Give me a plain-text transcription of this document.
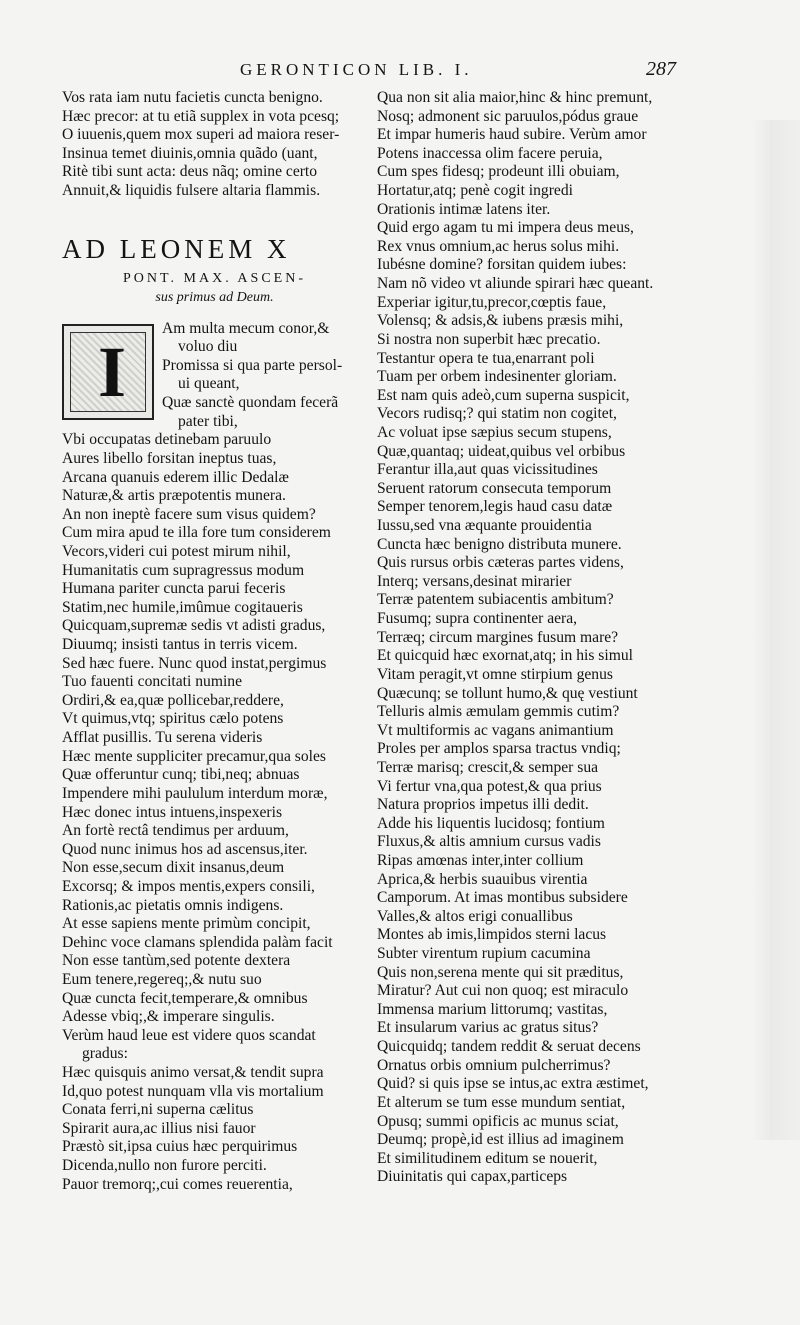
GERONTICON LIB. I.	287
Vos rata iam nutu facietis cuncta benigno.
Hæc precor: at tu etiã supplex in vota pcesq;
O iuuenis,quem mox superi ad maiora reser-
Insinua temet diuinis,omnia quãdo (uant,
Ritè tibi sunt acta: deus nãq; omine certo
Annuit,& liquidis fulsere altaria flammis.
AD LEONEM X
PONT. MAX. ASCEN-
sus primus ad Deum.
I
Am multa mecum conor,&
voluo diu
Promissa si qua parte persol-
ui queant,
Quæ sanctè quondam fecerã
pater tibi,
Vbi occupatas detinebam paruulo
Aures libello forsitan ineptus tuas,
Arcana quanuis ederem illic Dedalæ
Naturæ,& artis præpotentis munera.
An non ineptè facere sum visus quidem?
Cum mira apud te illa fore tum considerem
Vecors,videri cui potest mirum nihil,
Humanitatis cum supragressus modum
Humana pariter cuncta parui feceris
Statim,nec humile,imûmue cogitaueris
Quicquam,supremæ sedis vt adisti gradus,
Diuumq; insisti tantus in terris vicem.
Sed hæc fuere. Nunc quod instat,pergimus
Tuo fauenti concitati numine
Ordiri,& ea,quæ pollicebar,reddere,
Vt quimus,vtq; spiritus cælo potens
Afflat pusillis. Tu serena videris
Hæc mente suppliciter precamur,qua soles
Quæ offeruntur cunq; tibi,neq; abnuas
Impendere mihi paululum interdum moræ,
Hæc donec intus intuens,inspexeris
An fortè rectâ tendimus per arduum,
Quod nunc inimus hos ad ascensus,iter.
Non esse,secum dixit insanus,deum
Excorsq; & impos mentis,expers consili,
Rationis,ac pietatis omnis indigens.
At esse sapiens mente primùm concipit,
Dehinc voce clamans splendida palàm facit
Non esse tantùm,sed potente dextera
Eum tenere,regereq;,& nutu suo
Quæ cuncta fecit,temperare,& omnibus
Adesse vbiq;,& imperare singulis.
Verùm haud leue est videre quos scandat
gradus:
Hæc quisquis animo versat,& tendit supra
Id,quo potest nunquam vlla vis mortalium
Conata ferri,ni superna cælitus
Spirarit aura,ac illius nisi fauor
Præstò sit,ipsa cuius hæc perquirimus
Dicenda,nullo non furore perciti.
Pauor tremorq;,cui comes reuerentia,
Qua non sit alia maior,hinc & hinc premunt,
Nosq; admonent sic paruulos,pódus graue
Et impar humeris haud subire. Verùm amor
Potens inaccessa olim facere peruia,
Cum spes fidesq; prodeunt illi obuiam,
Hortatur,atq; penè cogit ingredi
Orationis intimæ latens iter.
Quid ergo agam tu mi impera deus meus,
Rex vnus omnium,ac herus solus mihi.
Iubésne domine? forsitan quidem iubes:
Nam nõ video vt aliunde spirari hæc queant.
Experiar igitur,tu,precor,cœptis faue,
Volensq; & adsis,& iubens præsis mihi,
Si nostra non superbit hæc precatio.
Testantur opera te tua,enarrant poli
Tuam per orbem indesinenter gloriam.
Est nam quis adeò,cum superna suspicit,
Vecors rudisq;? qui statim non cogitet,
Ac voluat ipse sæpius secum stupens,
Quæ,quantaq; uideat,quibus vel orbibus
Ferantur illa,aut quas vicissitudines
Seruent ratorum consecuta temporum
Semper tenorem,legis haud casu datæ
Iussu,sed vna æquante prouidentia
Cuncta hæc benigno distributa munere.
Quis rursus orbis cæteras partes videns,
Interq; versans,desinat mirarier
Terræ patentem subiacentis ambitum?
Fusumq; supra continenter aera,
Terræq; circum margines fusum mare?
Et quicquid hæc exornat,atq; in his simul
Vitam peragit,vt omne stirpium genus
Quæcunq; se tollunt humo,& quę vestiunt
Telluris almis æmulam gemmis cutim?
Vt multiformis ac vagans animantium
Proles per amplos sparsa tractus vndiq;
Terræ marisq; crescit,& semper sua
Vi fertur vna,qua potest,& qua prius
Natura proprios impetus illi dedit.
Adde his liquentis lucidosq; fontium
Fluxus,& altis amnium cursus vadis
Ripas amœnas inter,inter collium
Aprica,& herbis suauibus virentia
Camporum. At imas montibus subsidere
Valles,& altos erigi conuallibus
Montes ab imis,limpidos sterni lacus
Subter virentum rupium cacumina
Quis non,serena mente qui sit præditus,
Miratur? Aut cui non quoq; est miraculo
Immensa marium littorumq; vastitas,
Et insularum varius ac gratus situs?
Quicquidq; tandem reddit & seruat decens
Ornatus orbis omnium pulcherrimus?
Quid? si quis ipse se intus,ac extra æstimet,
Et alterum se tum esse mundum sentiat,
Opusq; summi opificis ac munus sciat,
Deumq; propè,id est illius ad imaginem
Et similitudinem editum se nouerit,
Diuinitatis qui capax,particeps
